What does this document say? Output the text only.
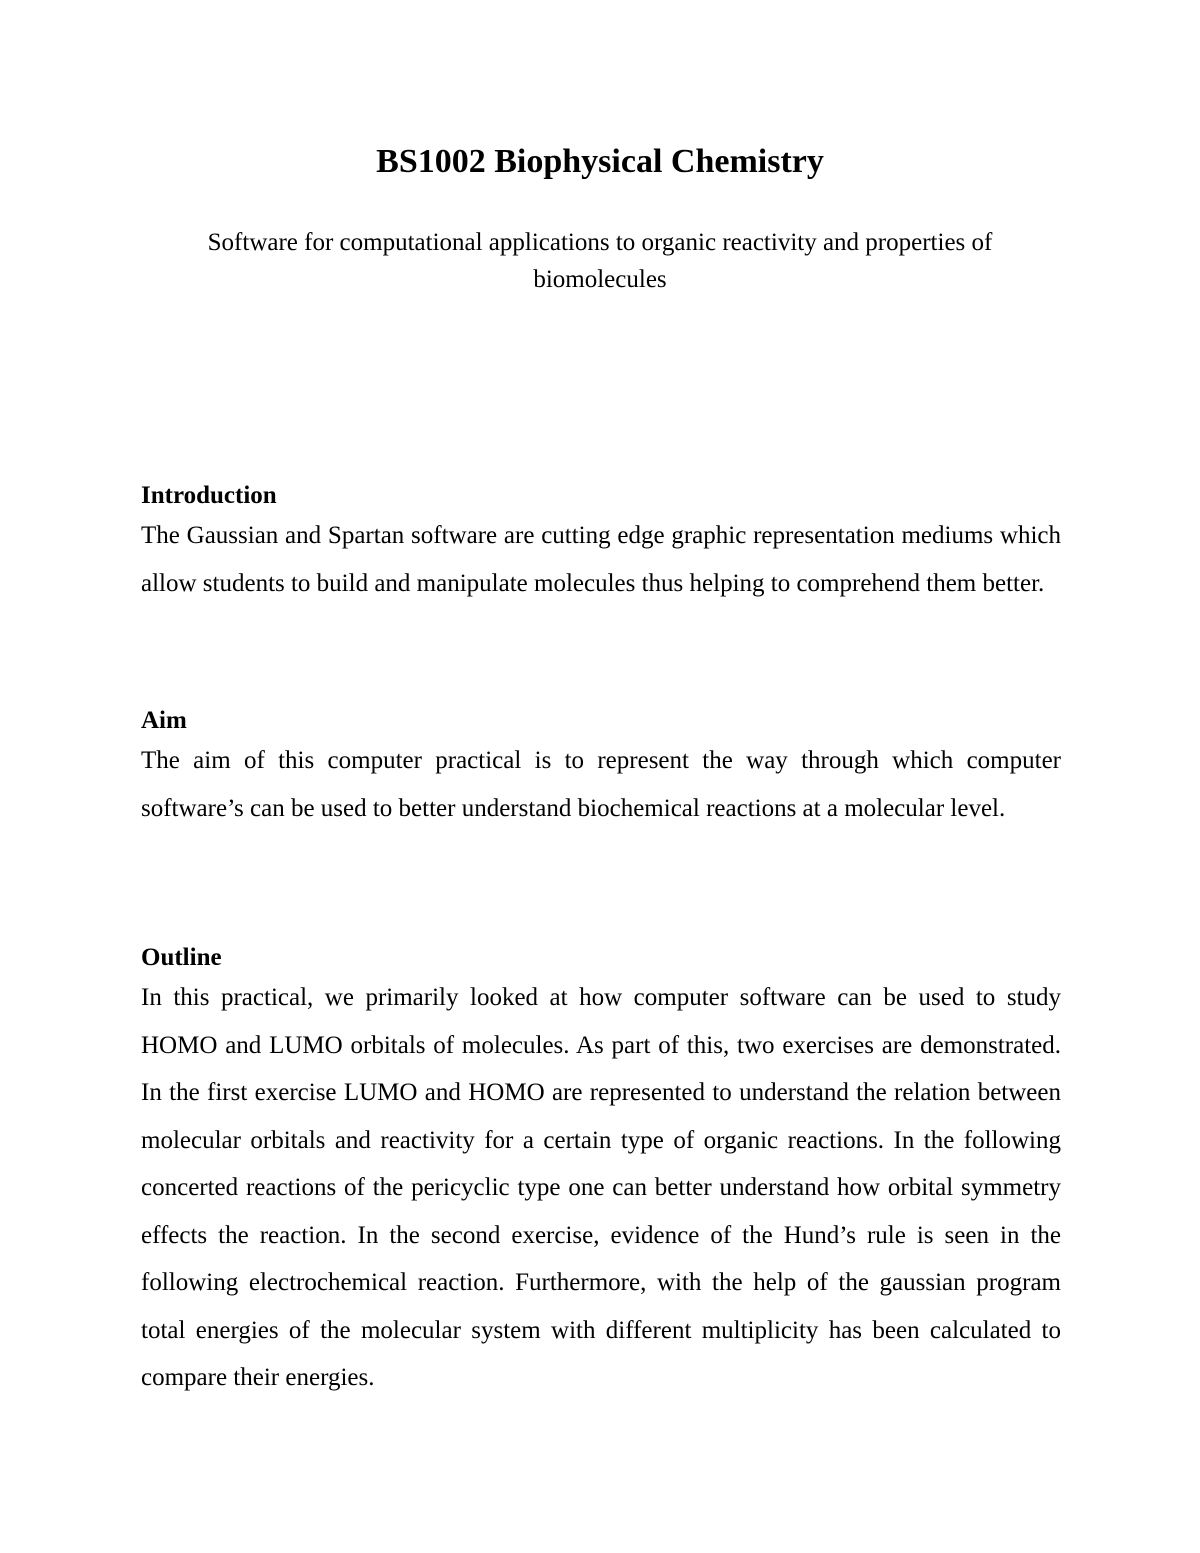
BS1002 Biophysical Chemistry

Software for computational applications to organic reactivity and properties of biomolecules

Introduction

The Gaussian and Spartan software are cutting edge graphic representation mediums which allow students to build and manipulate molecules thus helping to comprehend them better.

Aim

The aim of this computer practical is to represent the way through which computer software’s can be used to better understand biochemical reactions at a molecular level.

Outline

In this practical, we primarily looked at how computer software can be used to study HOMO and LUMO orbitals of molecules. As part of this, two exercises are demonstrated. In the first exercise LUMO and HOMO are represented to understand the relation between molecular orbitals and reactivity for a certain type of organic reactions. In the following concerted reactions of the pericyclic type one can better understand how orbital symmetry effects the reaction. In the second exercise, evidence of the Hund’s rule is seen in the following electrochemical reaction. Furthermore, with the help of the gaussian program total energies of the molecular system with different multiplicity has been calculated to compare their energies.
